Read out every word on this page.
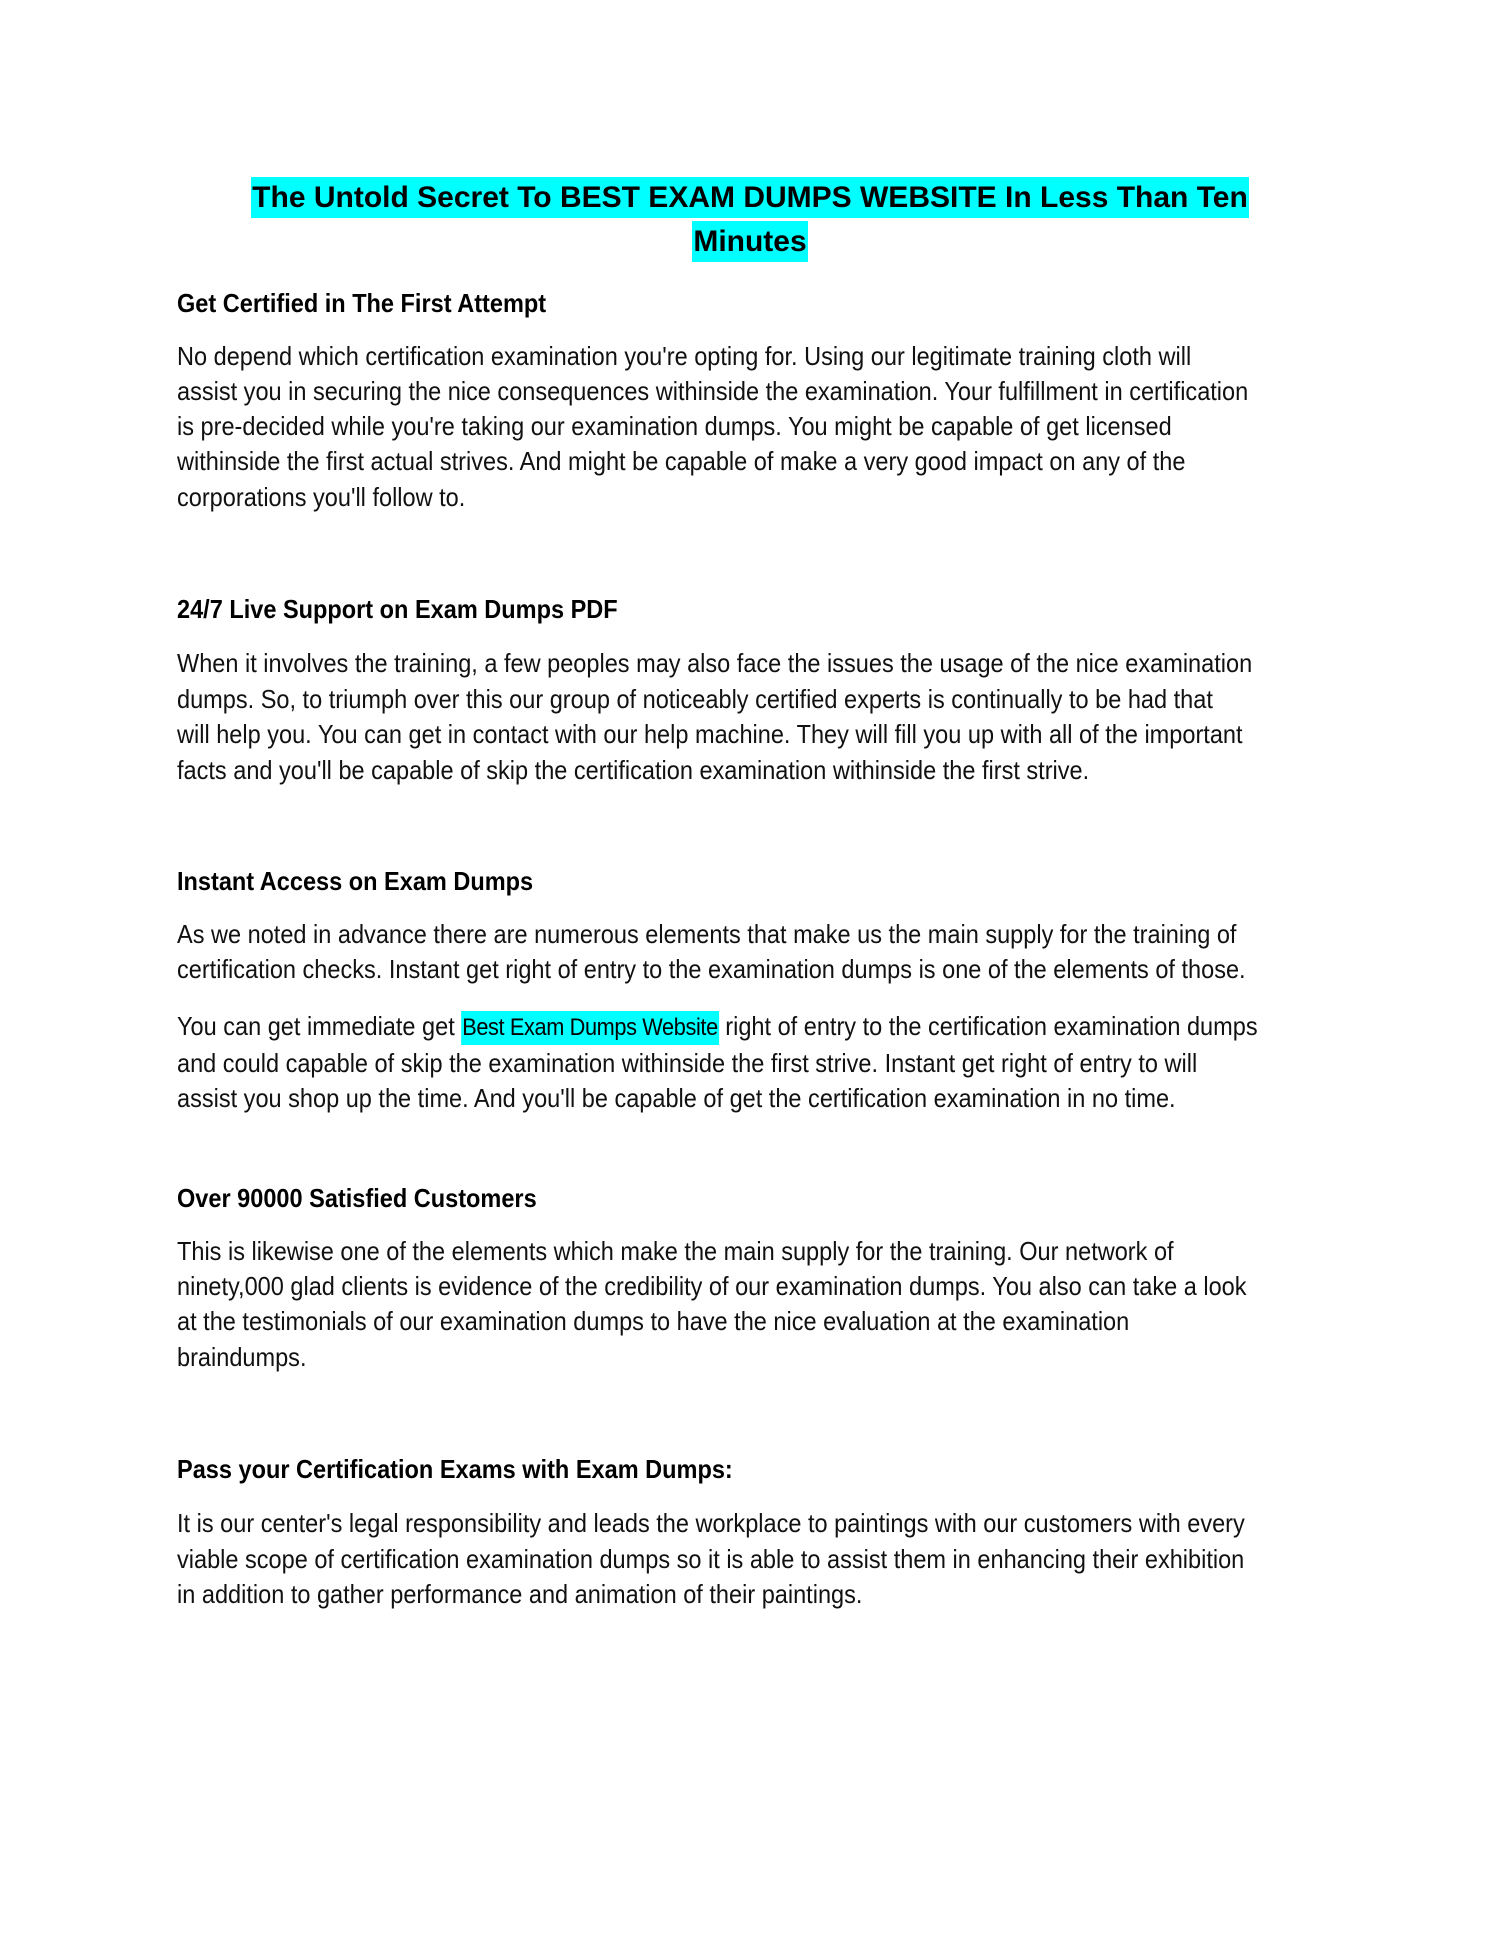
The Untold Secret To BEST EXAM DUMPS WEBSITE In Less Than Ten
Minutes
Get Certified in The First Attempt
No depend which certification examination you're opting for. Using our legitimate training cloth will
assist you in securing the nice consequences withinside the examination. Your fulfillment in certification
is pre-decided while you're taking our examination dumps. You might be capable of get licensed
withinside the first actual strives. And might be capable of make a very good impact on any of the
corporations you'll follow to.
24/7 Live Support on Exam Dumps PDF
When it involves the training, a few peoples may also face the issues the usage of the nice examination
dumps. So, to triumph over this our group of noticeably certified experts is continually to be had that
will help you. You can get in contact with our help machine. They will fill you up with all of the important
facts and you'll be capable of skip the certification examination withinside the first strive.
Instant Access on Exam Dumps
As we noted in advance there are numerous elements that make us the main supply for the training of
certification checks. Instant get right of entry to the examination dumps is one of the elements of those.
You can get immediate get Best Exam Dumps Website right of entry to the certification examination dumps
and could capable of skip the examination withinside the first strive. Instant get right of entry to will
assist you shop up the time. And you'll be capable of get the certification examination in no time.
Over 90000 Satisfied Customers
This is likewise one of the elements which make the main supply for the training. Our network of
ninety,000 glad clients is evidence of the credibility of our examination dumps. You also can take a look
at the testimonials of our examination dumps to have the nice evaluation at the examination
braindumps.
Pass your Certification Exams with Exam Dumps:
It is our center's legal responsibility and leads the workplace to paintings with our customers with every
viable scope of certification examination dumps so it is able to assist them in enhancing their exhibition
in addition to gather performance and animation of their paintings.
